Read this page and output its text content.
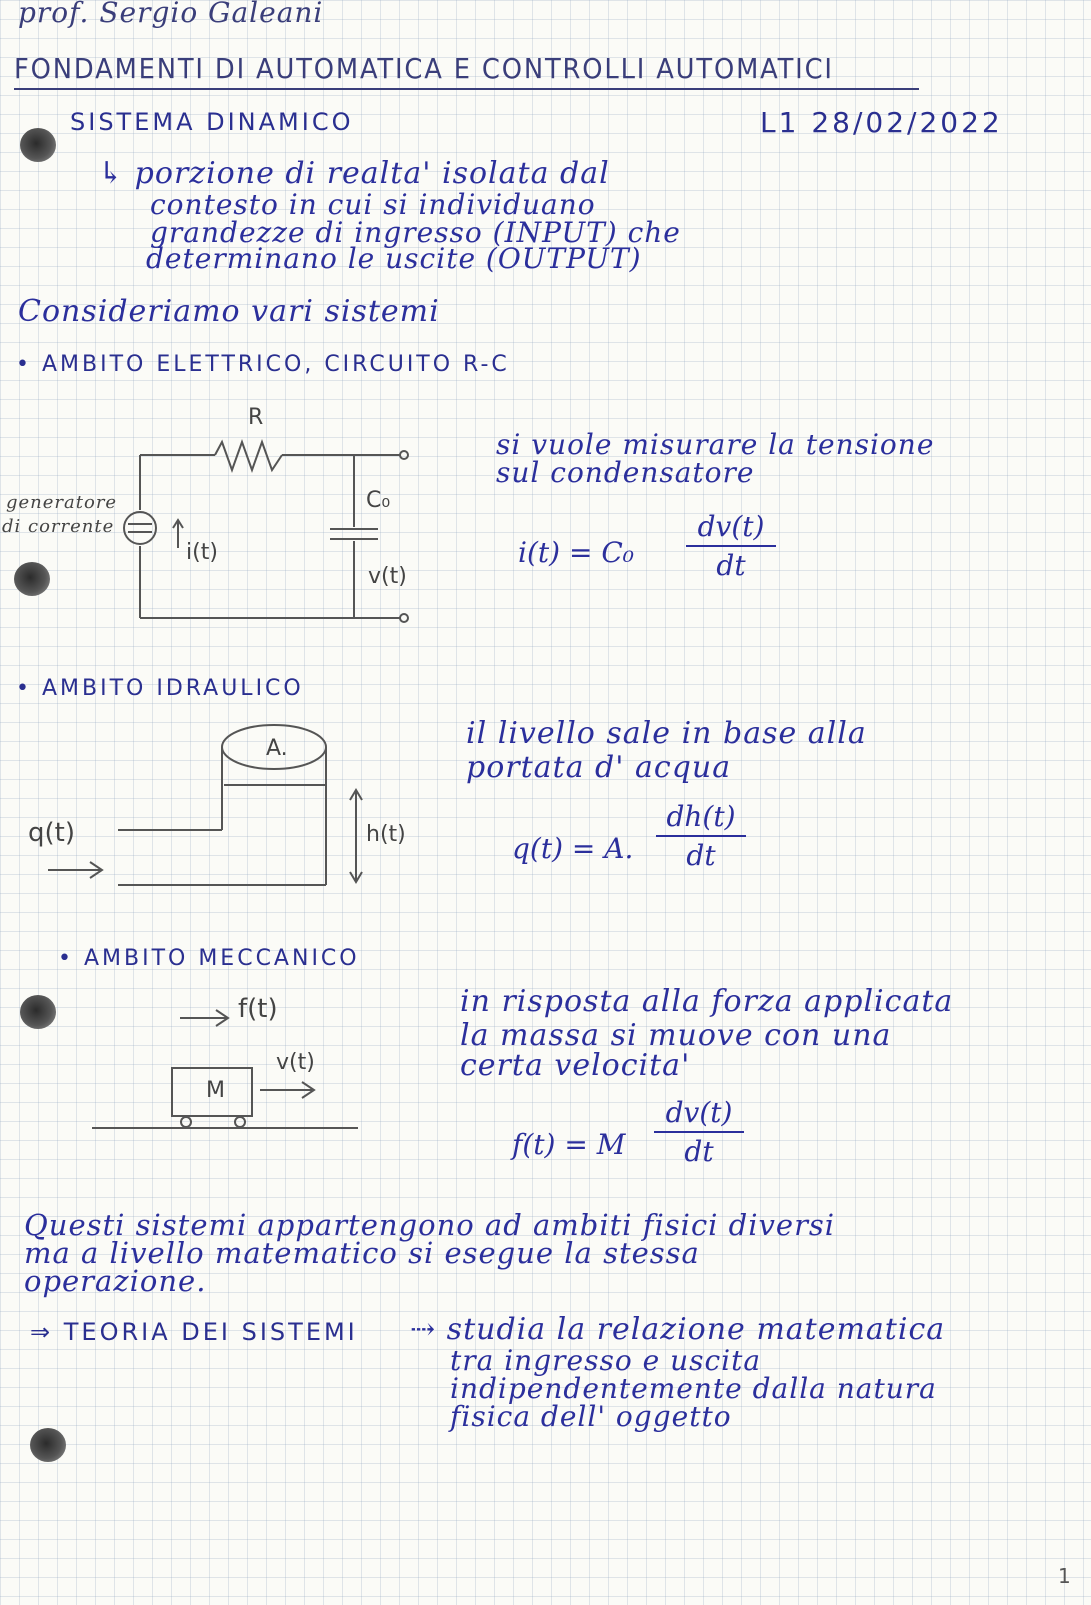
prof. Sergio Galeani
FONDAMENTI DI AUTOMATICA E CONTROLLI AUTOMATICI
SISTEMA DINAMICO	L1 28/02/2022
↳ porzione di realta' isolata dal
contesto in cui si individuano
grandezze di ingresso (INPUT) che
determinano le uscite (OUTPUT)
Consideriamo vari sistemi
• AMBITO ELETTRICO, CIRCUITO R-C
R
C₀
generatore
di corrente
i(t)
v(t)
si vuole misurare la tensione
sul condensatore
i(t) = C₀
dv(t)
dt
• AMBITO IDRAULICO
A.
q(t)	h(t)
il livello sale in base alla
portata d' acqua
q(t) = A.
dh(t)
dt
• AMBITO MECCANICO
f(t)
v(t)
M
in risposta alla forza applicata
la massa si muove con una
certa velocita'
f(t) = M
dv(t)
dt
Questi sistemi appartengono ad ambiti fisici diversi
ma a livello matematico si esegue la stessa
operazione.
⇒ TEORIA DEI SISTEMI ⇢ studia la relazione matematica
tra ingresso e uscita
indipendentemente dalla natura
fisica dell' oggetto
1
